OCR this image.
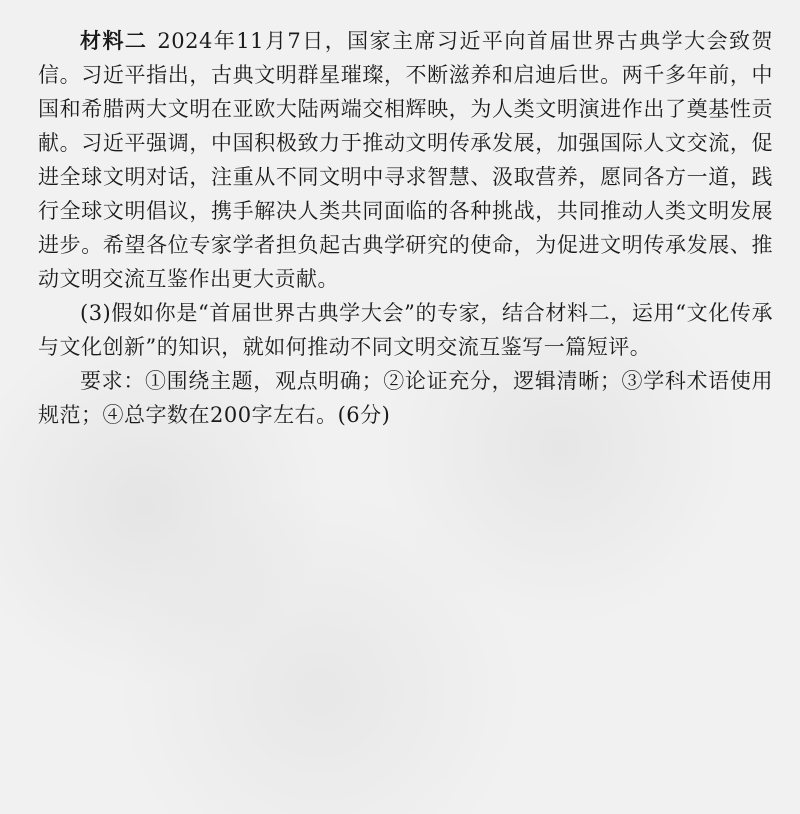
材料二 2024年11月7日，国家主席习近平向首届世界古典学大会致贺信。习近平指出，古典文明群星璀璨，不断滋养和启迪后世。两千多年前，中国和希腊两大文明在亚欧大陆两端交相辉映，为人类文明演进作出了奠基性贡献。习近平强调，中国积极致力于推动文明传承发展，加强国际人文交流，促进全球文明对话，注重从不同文明中寻求智慧、汲取营养，愿同各方一道，践行全球文明倡议，携手解决人类共同面临的各种挑战，共同推动人类文明发展进步。希望各位专家学者担负起古典学研究的使命，为促进文明传承发展、推动文明交流互鉴作出更大贡献。

(3)假如你是“首届世界古典学大会”的专家，结合材料二，运用“文化传承与文化创新”的知识，就如何推动不同文明交流互鉴写一篇短评。

要求：①围绕主题，观点明确；②论证充分，逻辑清晰；③学科术语使用规范；④总字数在200字左右。(6分)
